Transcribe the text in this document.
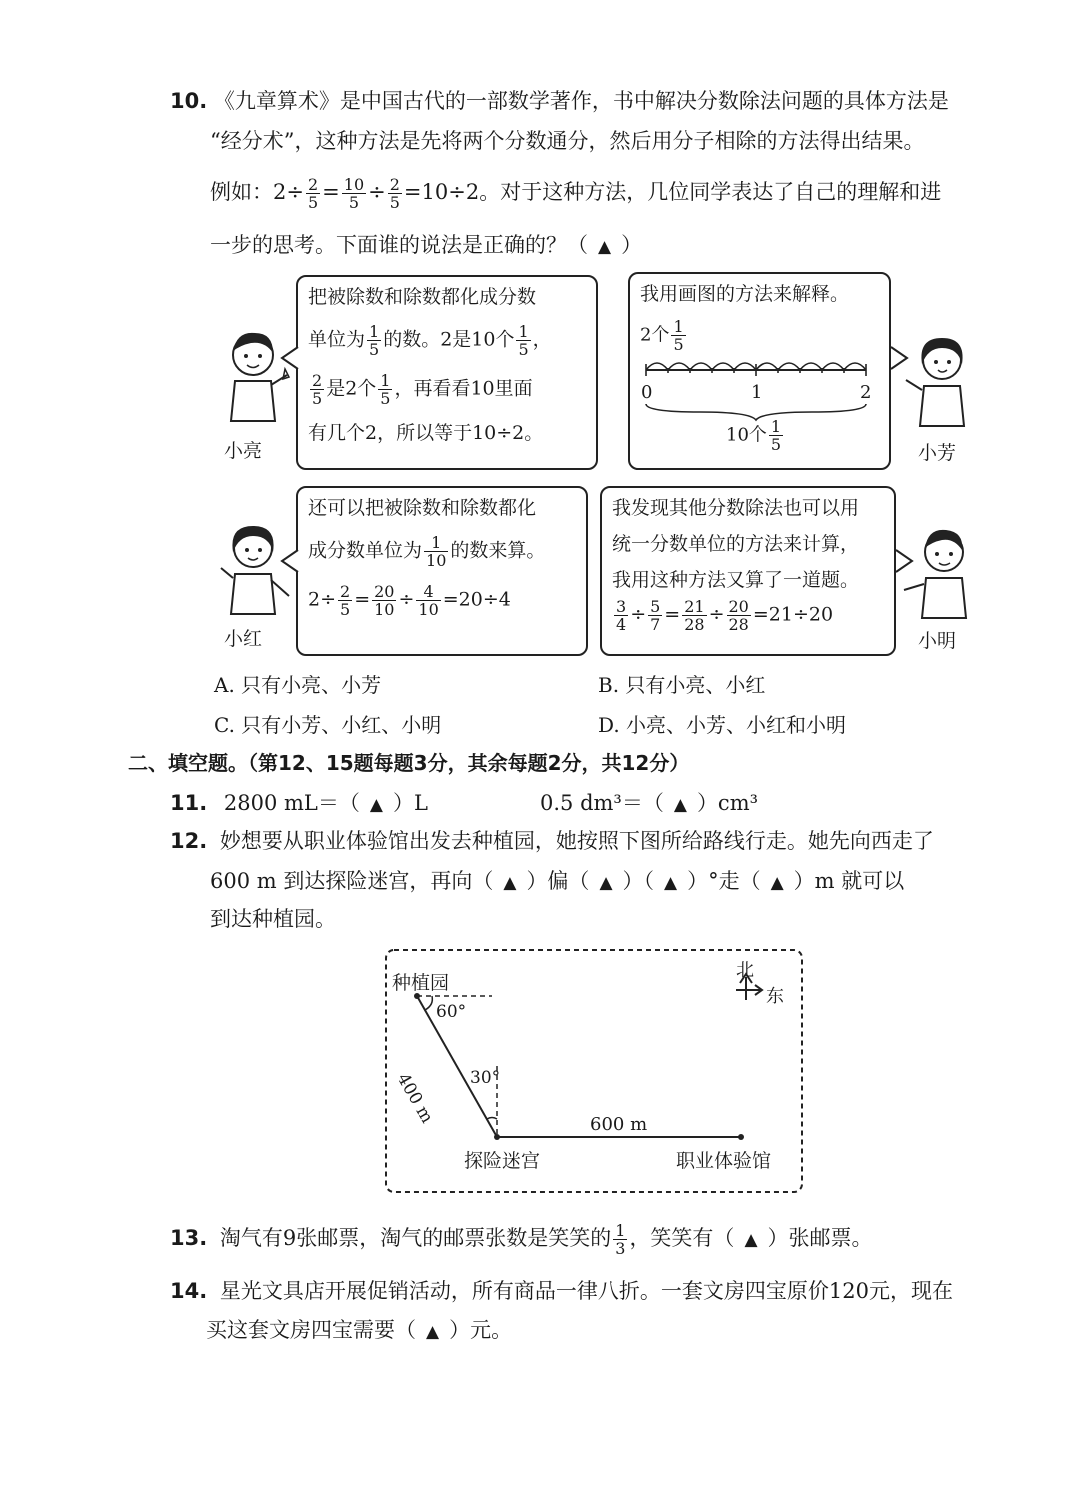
10. 《九章算术》是中国古代的一部数学著作，书中解决分数除法问题的具体方法是
“经分术”，这种方法是先将两个分数通分，然后用分子相除的方法得出结果。
例如：$2\div \frac{2}{5} = \frac{10}{5} \div \frac{2}{5} =10\div 2$。对于这种方法，几位同学表达了自己的理解和进
一步的思考。下面谁的说法是正确的？（ ▲ ）
小亮
把被除数和除数都化成分数
单位为 $\frac{1}{5}$ 的数。2是10个 $\frac{1}{5}$ ，
$\frac{2}{5}$ 是2个 $\frac{1}{5}$ ，再看看10里面
有几个2，所以等于10÷2。
我用画图的方法来解释。
2个 $\frac{1}{5}$
0	1	2
10个 $\frac{1}{5}$	小芳
小红
还可以把被除数和除数都化
成分数单位为 $\frac{1}{10}$ 的数来算。
$2\div \frac{2}{5} = \frac{20}{10} \div \frac{4}{10} =20\div 4$
我发现其他分数除法也可以用
统一分数单位的方法来计算，
我用这种方法又算了一道题。
$\frac{3}{4} \div \frac{5}{7} = \frac{21}{28} \div \frac{20}{28} =21\div 20$
小明
A. 只有小亮、小芳	B. 只有小亮、小红
C. 只有小芳、小红、小明	D. 小亮、小芳、小红和小明
二、填空题。（第12、15题每题3分，其余每题2分，共12分）
11. 2800 mL＝（ ▲ ）L	0.5 dm³＝（ ▲ ）cm³
12. 妙想要从职业体验馆出发去种植园，她按照下图所给路线行走。她先向西走了
600 m 到达探险迷宫，再向（ ▲ ）偏（ ▲ ）（ ▲ ）°走（ ▲ ）m 就可以
到达种植园。
种植园
北
东
60°
30°
400 m	600 m
探险迷宫	职业体验馆
13. 淘气有9张邮票，淘气的邮票张数是笑笑的 $\frac{1}{3}$ ，笑笑有（ ▲ ）张邮票。
14. 星光文具店开展促销活动，所有商品一律八折。一套文房四宝原价120元，现在
买这套文房四宝需要（ ▲ ）元。
